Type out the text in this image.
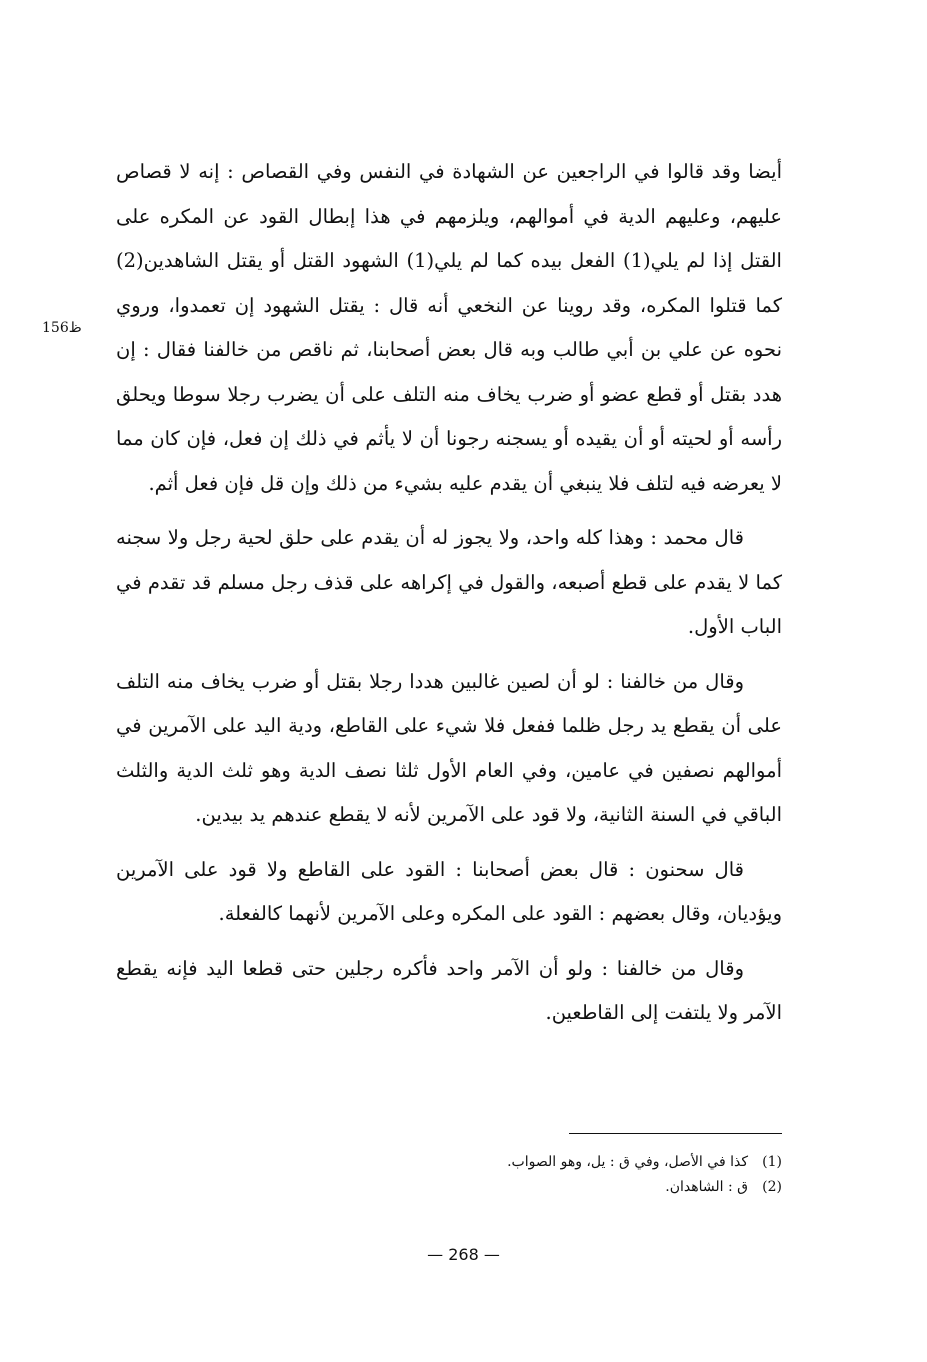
أيضا وقد قالوا في الراجعين عن الشهادة في النفس وفي القصاص : إنه لا قصاص عليهم، وعليهم الدية في أموالهم، ويلزمهم في هذا إبطال القود عن المكره على القتل إذا لم يلي(1) الفعل بيده كما لم يلي(1) الشهود القتل أو يقتل الشاهدين(2) كما قتلوا المكره، وقد روينا عن النخعي أنه قال : يقتل الشهود إن تعمدوا، وروي نحوه عن علي بن أبي طالب وبه قال بعض أصحابنا، ثم ناقص من خالفنا فقال : إن هدد بقتل أو قطع عضو أو ضرب يخاف منه التلف على أن يضرب رجلا سوطا ويحلق رأسه أو لحيته أو أن يقيده أو يسجنه رجونا أن لا يأثم في ذلك إن فعل، فإن كان مما لا يعرضه فيه لتلف فلا ينبغي أن يقدم عليه بشيء من ذلك وإن قل فإن فعل أثم.

قال محمد : وهذا كله واحد، ولا يجوز له أن يقدم على حلق لحية رجل ولا سجنه كما لا يقدم على قطع أصبعه، والقول في إكراهه على قذف رجل مسلم قد تقدم في الباب الأول.

وقال من خالفنا : لو أن لصين غالبين هددا رجلا بقتل أو ضرب يخاف منه التلف على أن يقطع يد رجل ظلما ففعل فلا شيء على القاطع، ودية اليد على الآمرين في أموالهم نصفين في عامين، وفي العام الأول ثلثا نصف الدية وهو ثلث الدية والثلث الباقي في السنة الثانية، ولا قود على الآمرين لأنه لا يقطع عندهم يد بيدين.

قال سحنون : قال بعض أصحابنا : القود على القاطع ولا قود على الآمرين ويؤديان، وقال بعضهم : القود على المكره وعلى الآمرين لأنهما كالفعلة.

وقال من خالفنا : ولو أن الآمر واحد فأكره رجلين حتى قطعا اليد فإنه يقطع الآمر ولا يلتفت إلى القاطعين.

ظ156
(1)
كذا في الأصل، وفي ق : يل، وهو الصواب.
(2)
ق : الشاهدان.
— 268 —
